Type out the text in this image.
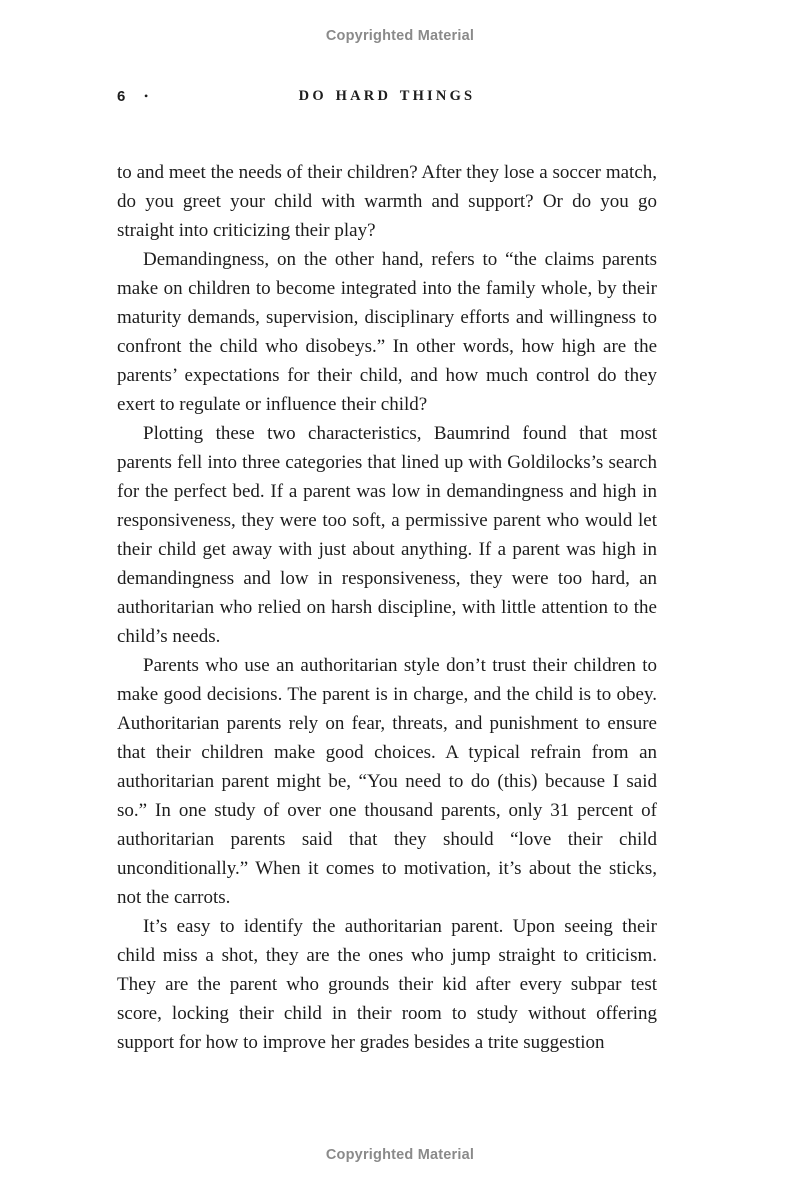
Copyrighted Material
6 •	DO HARD THINGS

to and meet the needs of their children? After they lose a soccer match, do you greet your child with warmth and support? Or do you go straight into criticizing their play?

Demandingness, on the other hand, refers to “the claims parents make on children to become integrated into the family whole, by their maturity demands, supervision, disciplinary efforts and willingness to confront the child who disobeys.” In other words, how high are the parents’ expectations for their child, and how much control do they exert to regulate or influence their child?

Plotting these two characteristics, Baumrind found that most parents fell into three categories that lined up with Goldilocks’s search for the perfect bed. If a parent was low in demandingness and high in responsiveness, they were too soft, a permissive parent who would let their child get away with just about anything. If a parent was high in demandingness and low in responsiveness, they were too hard, an authoritarian who relied on harsh discipline, with little attention to the child’s needs.

Parents who use an authoritarian style don’t trust their children to make good decisions. The parent is in charge, and the child is to obey. Authoritarian parents rely on fear, threats, and punishment to ensure that their children make good choices. A typical refrain from an authoritarian parent might be, “You need to do (this) because I said so.” In one study of over one thousand parents, only 31 percent of authoritarian parents said that they should “love their child unconditionally.” When it comes to motivation, it’s about the sticks, not the carrots.

It’s easy to identify the authoritarian parent. Upon seeing their child miss a shot, they are the ones who jump straight to criticism. They are the parent who grounds their kid after every subpar test score, locking their child in their room to study without offering support for how to improve her grades besides a trite suggestion

Copyrighted Material
